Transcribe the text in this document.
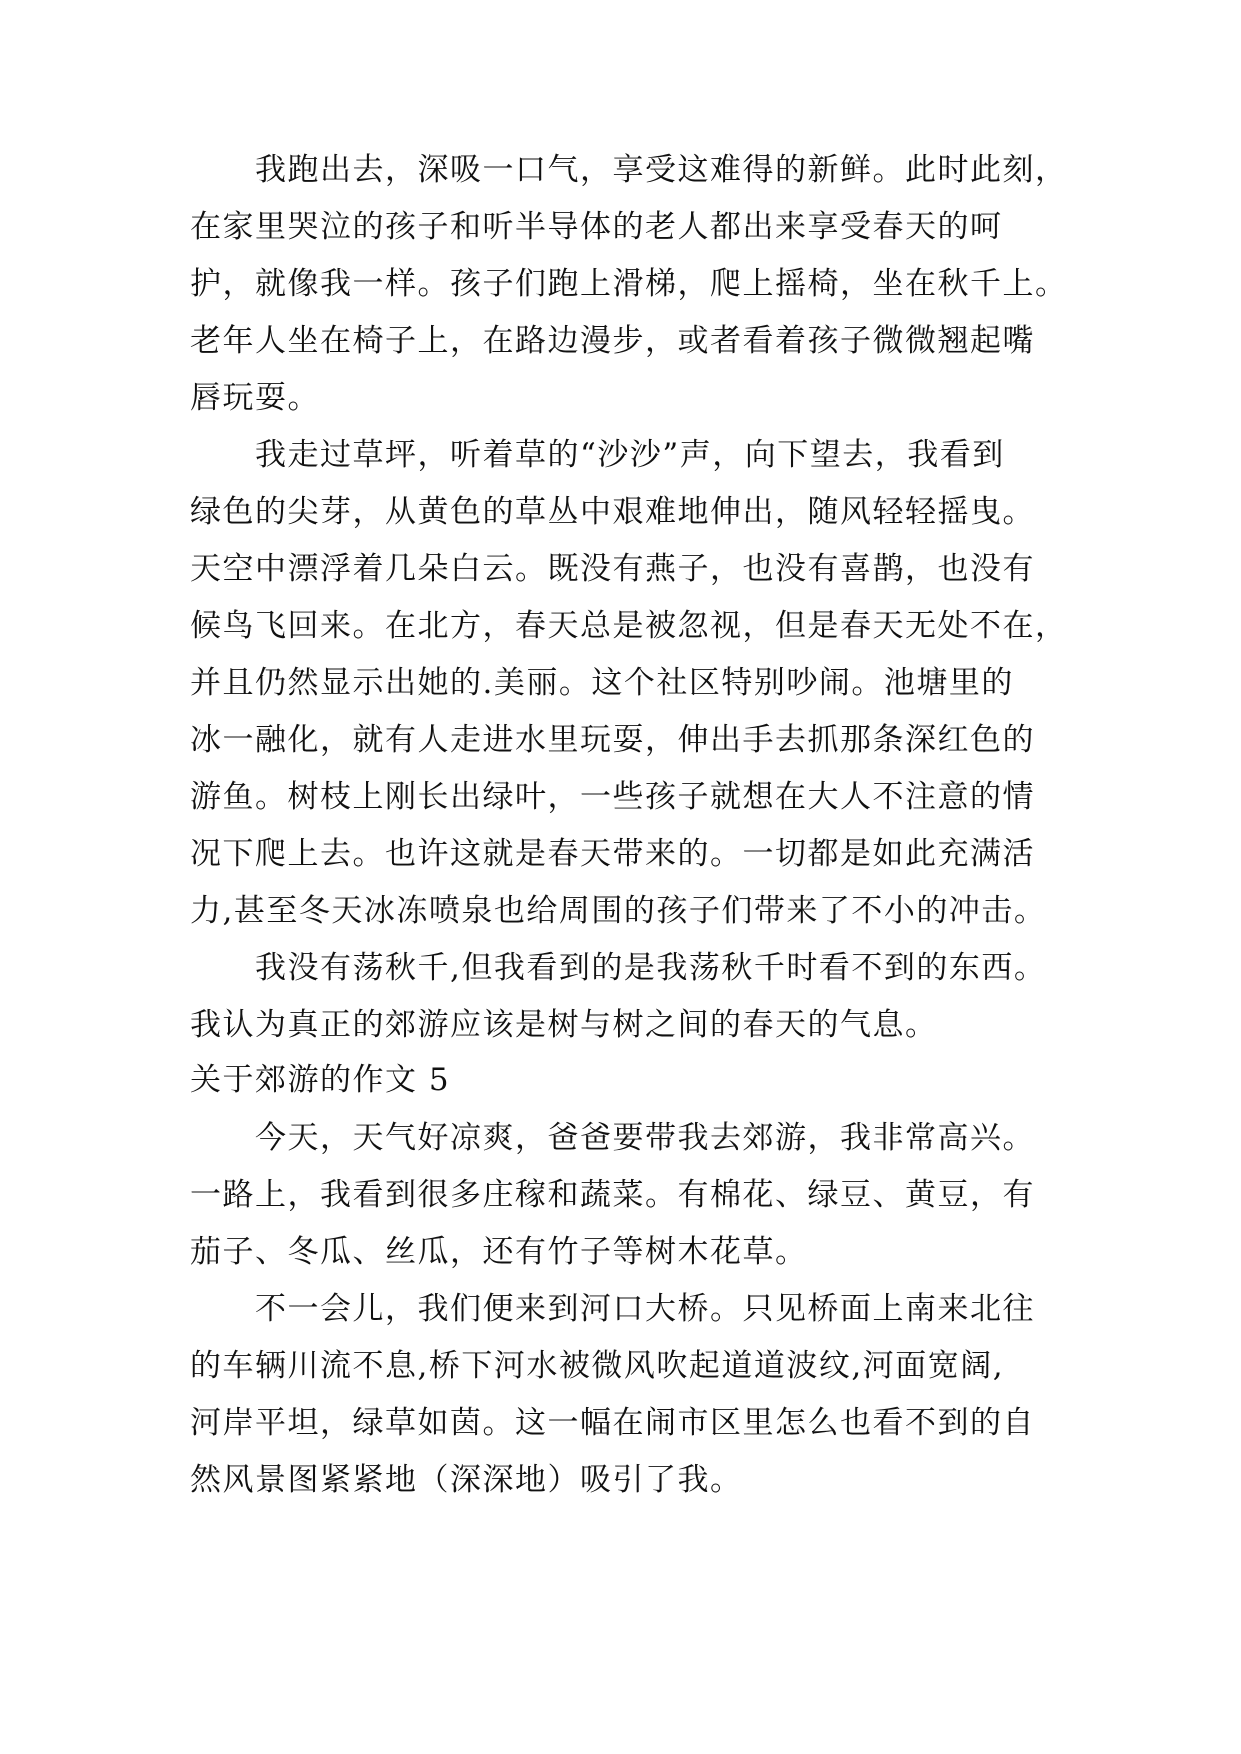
我跑出去，深吸一口气，享受这难得的新鲜。此时此刻，
在家里哭泣的孩子和听半导体的老人都出来享受春天的呵
护，就像我一样。孩子们跑上滑梯，爬上摇椅，坐在秋千上。
老年人坐在椅子上，在路边漫步，或者看着孩子微微翘起嘴
唇玩耍。
我走过草坪，听着草的“沙沙”声，向下望去，我看到
绿色的尖芽，从黄色的草丛中艰难地伸出，随风轻轻摇曳。
天空中漂浮着几朵白云。既没有燕子，也没有喜鹊，也没有
候鸟飞回来。在北方，春天总是被忽视，但是春天无处不在，
并且仍然显示出她的.美丽。这个社区特别吵闹。池塘里的
冰一融化，就有人走进水里玩耍，伸出手去抓那条深红色的
游鱼。树枝上刚长出绿叶，一些孩子就想在大人不注意的情
况下爬上去。也许这就是春天带来的。一切都是如此充满活
力,甚至冬天冰冻喷泉也给周围的孩子们带来了不小的冲击。
我没有荡秋千,但我看到的是我荡秋千时看不到的东西。
我认为真正的郊游应该是树与树之间的春天的气息。
关于郊游的作文 5
今天，天气好凉爽，爸爸要带我去郊游，我非常高兴。
一路上，我看到很多庄稼和蔬菜。有棉花、绿豆、黄豆，有
茄子、冬瓜、丝瓜，还有竹子等树木花草。
不一会儿，我们便来到河口大桥。只见桥面上南来北往
的车辆川流不息,桥下河水被微风吹起道道波纹,河面宽阔,
河岸平坦，绿草如茵。这一幅在闹市区里怎么也看不到的自
然风景图紧紧地（深深地）吸引了我。
